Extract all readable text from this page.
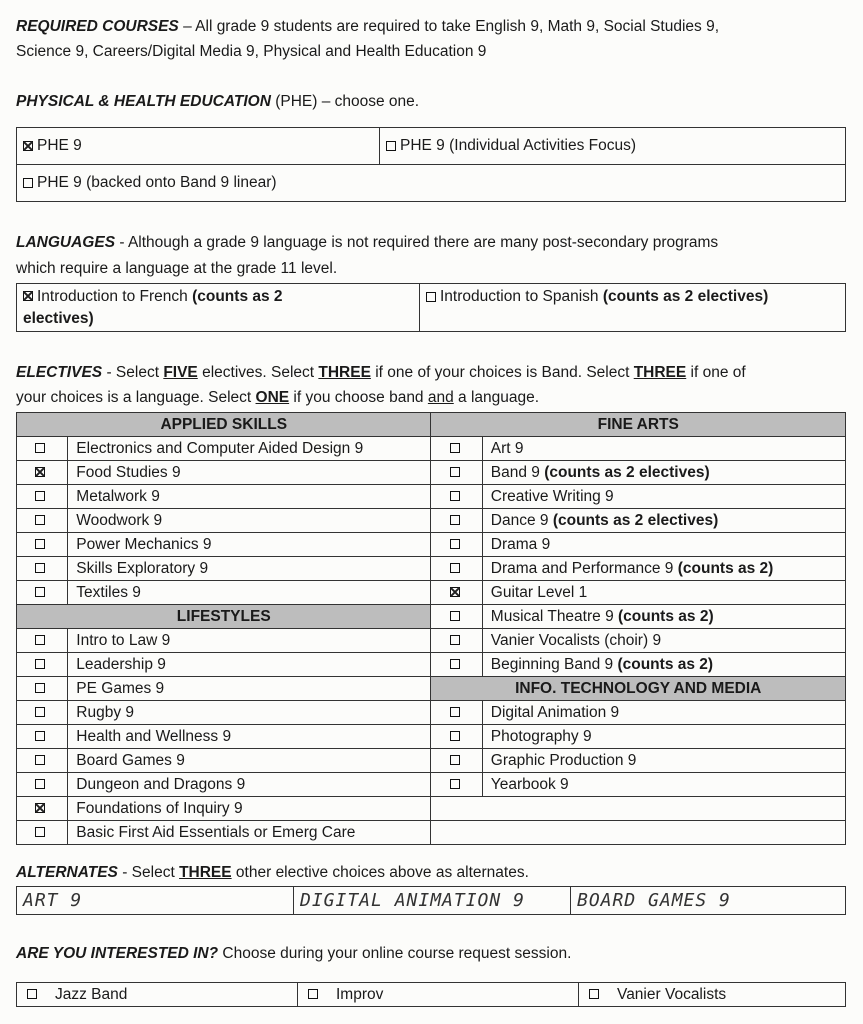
REQUIRED COURSES – All grade 9 students are required to take English 9, Math 9, Social Studies 9,
Science 9, Careers/Digital Media 9, Physical and Health Education 9
PHYSICAL & HEALTH EDUCATION (PHE) – choose one.
PHE 9	PHE 9 (Individual Activities Focus)
PHE 9 (backed onto Band 9 linear)
LANGUAGES - Although a grade 9 language is not required there are many post-secondary programs
which require a language at the grade 11 level.
Introduction to French (counts as 2
electives)	Introduction to Spanish (counts as 2 electives)
ELECTIVES - Select FIVE electives. Select THREE if one of your choices is Band. Select THREE if one of
your choices is a language. Select ONE if you choose band and a language.
APPLIED SKILLS		FINE ARTS	
	Electronics and Computer Aided Design 9		Art 9
	Food Studies 9		Band 9 (counts as 2 electives)
	Metalwork 9		Creative Writing 9
	Woodwork 9		Dance 9 (counts as 2 electives)
	Power Mechanics 9		Drama 9
	Skills Exploratory 9		Drama and Performance 9 (counts as 2)
	Textiles 9		Guitar Level 1
LIFESTYLES			Musical Theatre 9 (counts as 2)
	Intro to Law 9		Vanier Vocalists (choir) 9
	Leadership 9		Beginning Band 9 (counts as 2)
	PE Games 9	INFO. TECHNOLOGY AND MEDIA	
	Rugby 9		Digital Animation 9
	Health and Wellness 9		Photography 9
	Board Games 9		Graphic Production 9
	Dungeon and Dragons 9		Yearbook 9
	Foundations of Inquiry 9		
	Basic First Aid Essentials or Emerg Care		
ALTERNATES - Select THREE other elective choices above as alternates.
ART 9	DIGITAL ANIMATION 9	BOARD GAMES 9
ARE YOU INTERESTED IN? Choose during your online course request session.
Jazz Band	Improv	Vanier Vocalists
